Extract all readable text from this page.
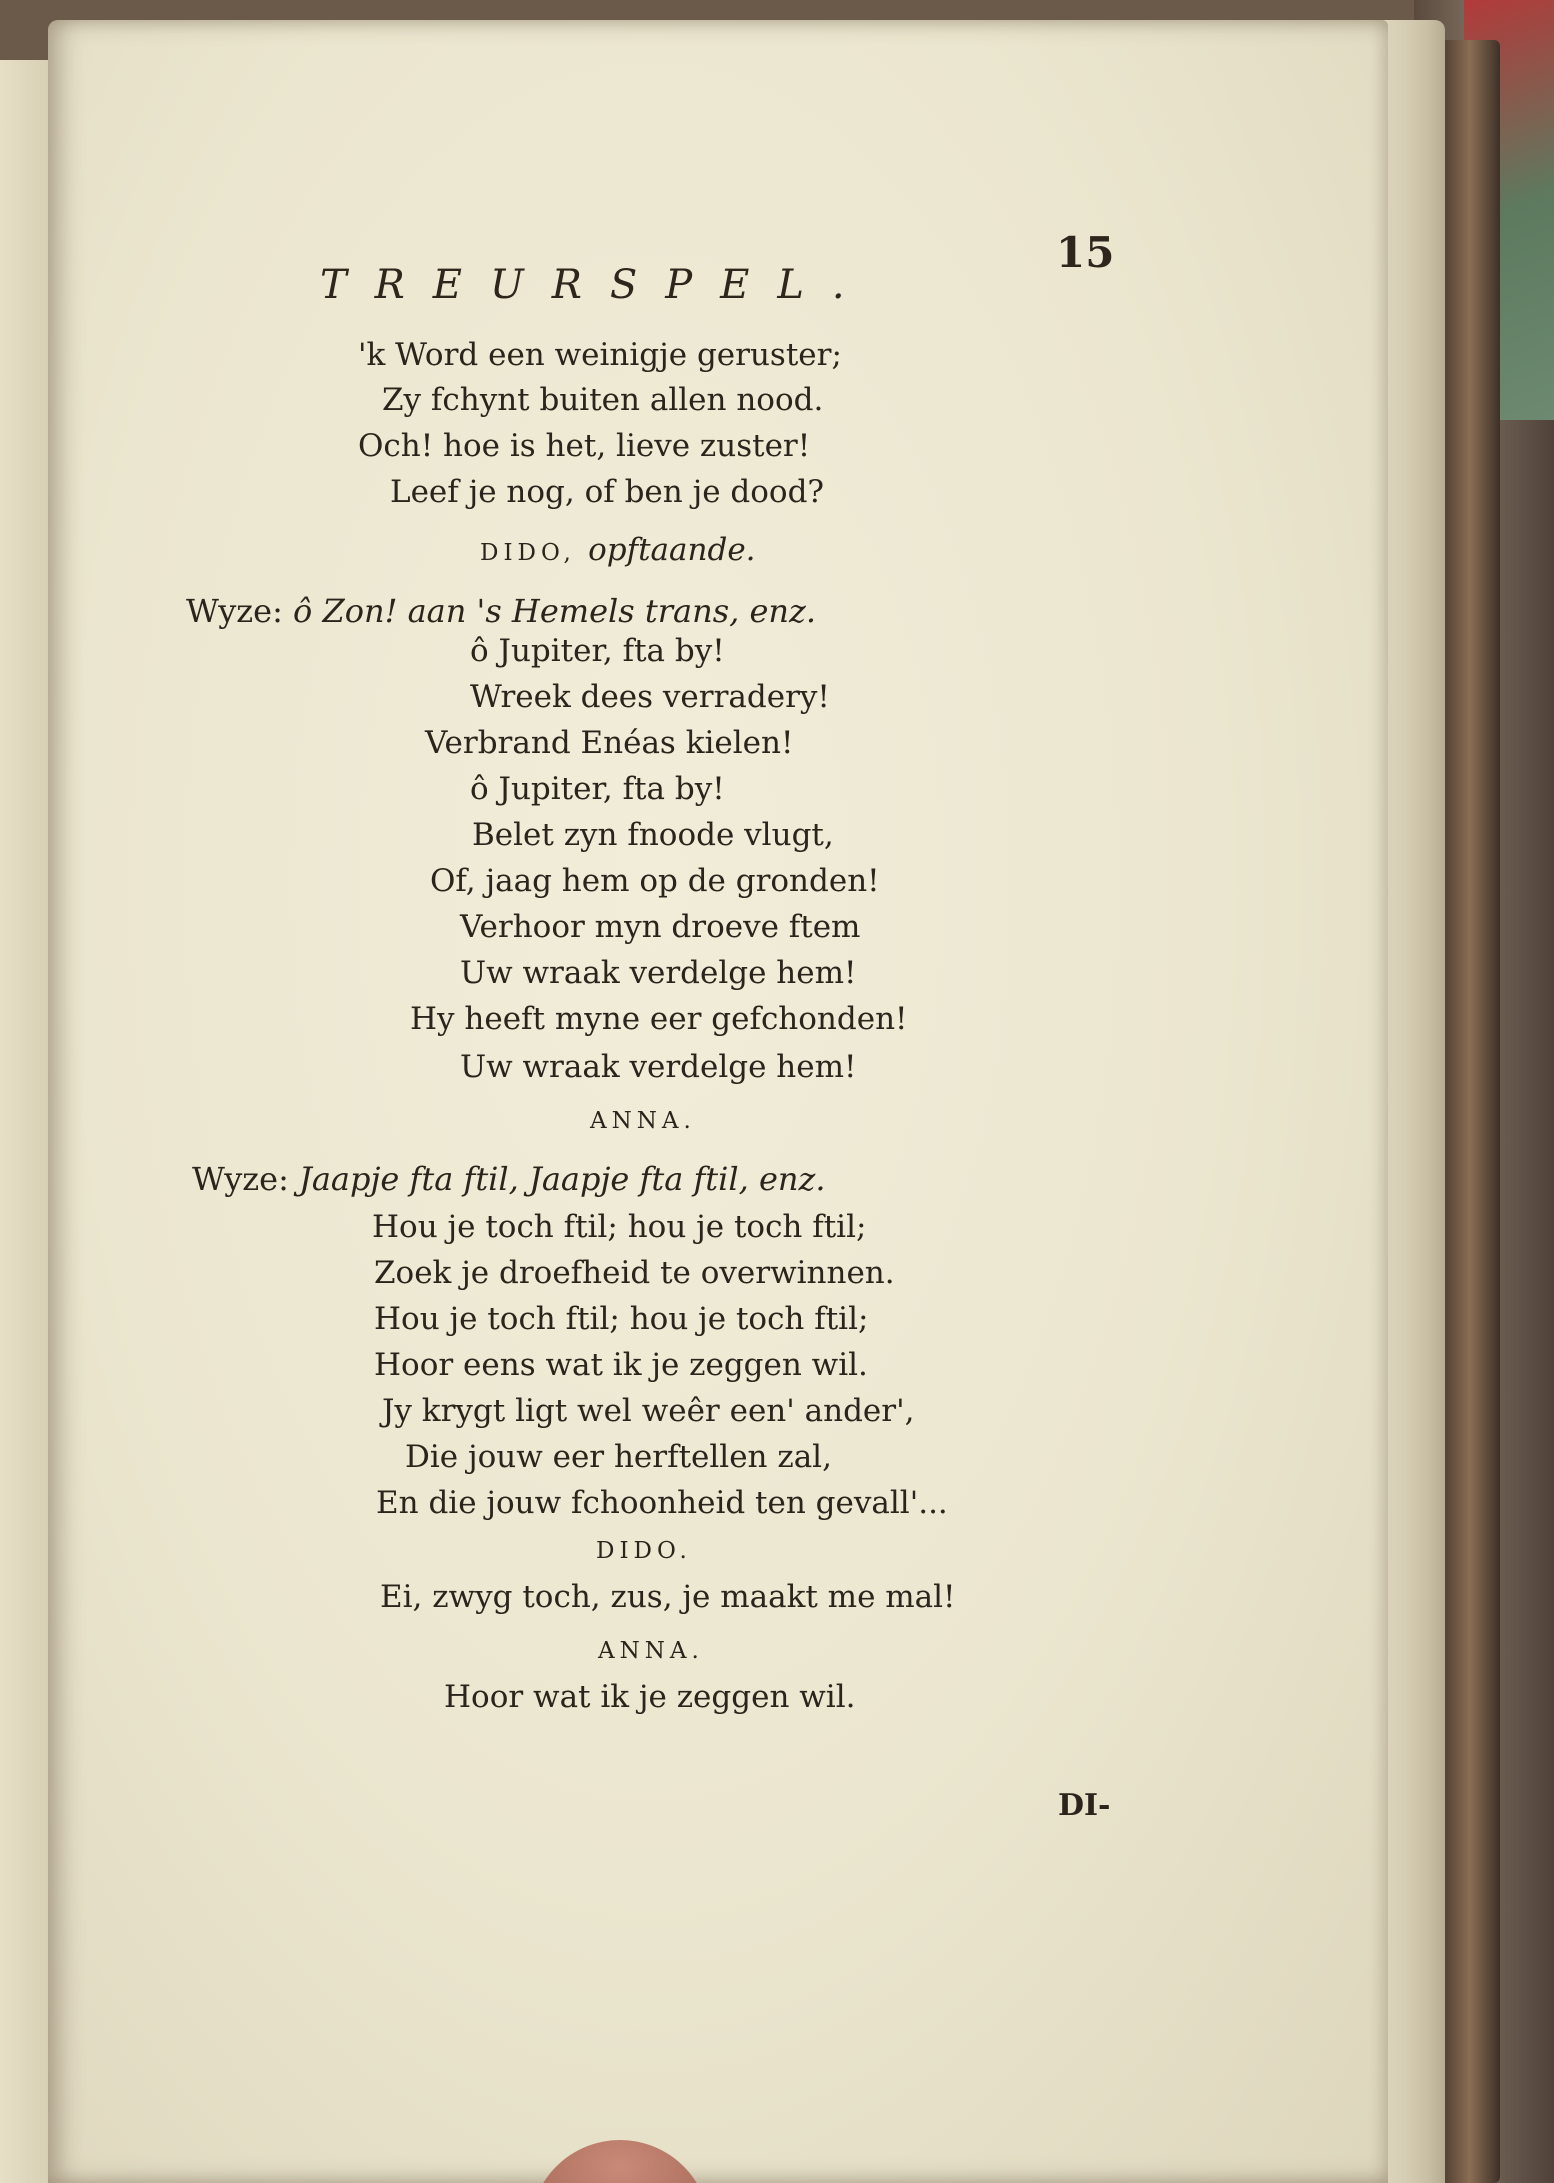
TREURSPEL.
15
'k Word een weinigje geruster;
Zy fchynt buiten allen nood.
Och! hoe is het, lieve zuster!
Leef je nog, of ben je dood?
DIDO, opftaande.
Wyze: ô Zon! aan 's Hemels trans, enz.
ô Jupiter, fta by!
Wreek dees verradery!
Verbrand Enéas kielen!
ô Jupiter, fta by!
Belet zyn fnoode vlugt,
Of, jaag hem op de gronden!
Verhoor myn droeve ftem
Uw wraak verdelge hem!
Hy heeft myne eer gefchonden!
Uw wraak verdelge hem!
ANNA.
Wyze: Jaapje fta ftil, Jaapje fta ftil, enz.
Hou je toch ftil; hou je toch ftil;
Zoek je droefheid te overwinnen.
Hou je toch ftil; hou je toch ftil;
Hoor eens wat ik je zeggen wil.
Jy krygt ligt wel weêr een' ander',
Die jouw eer herftellen zal,
En die jouw fchoonheid ten gevall'...
DIDO.
Ei, zwyg toch, zus, je maakt me mal!
ANNA.
Hoor wat ik je zeggen wil.
DI-
